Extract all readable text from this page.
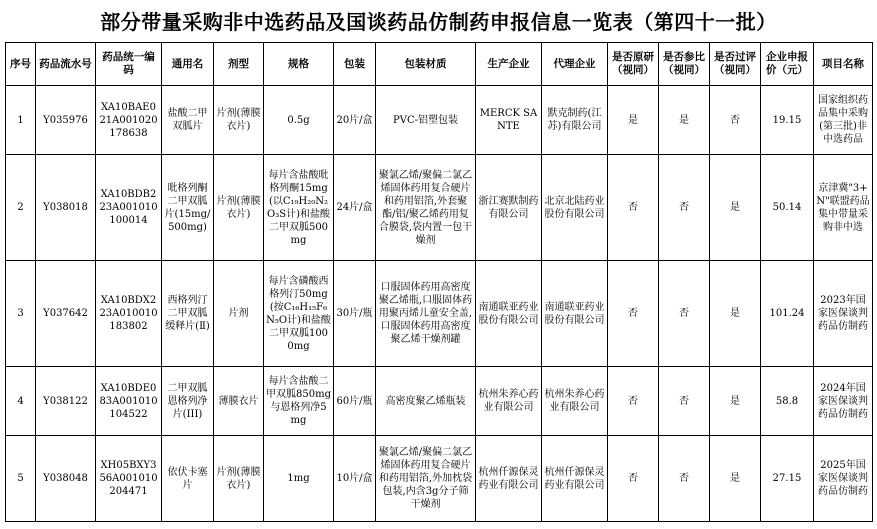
部分带量采购非中选药品及国谈药品仿制药申报信息一览表（第四十一批）
序号	药品流水号	药品统一编码	通用名	剂型	规格	包装	包装材质	生产企业	代理企业	是否原研（视同）	是否参比（视同）	是否过评（视同）	企业申报价（元）	项目名称
1	Y035976	XA10BAE021A001020178638	盐酸二甲双胍片	片剂(薄膜衣片)	0.5g	20片/盒	PVC-铝塑包装	MERCK SANTE	默克制药(江苏)有限公司	是	是	否	19.15	国家组织药品集中采购(第三批)非中选药品
2	Y038018	XA10BDB223A001010100014	吡格列酮二甲双胍片(15mg/500mg)	片剂(薄膜衣片)	每片含盐酸吡格列酮15mg(以C₁₉H₂₀N₂O₃S计)和盐酸二甲双胍500mg	24片/盒	聚氯乙烯/聚偏二氯乙烯固体药用复合硬片和药用铝箔,外套聚酯/铝/聚乙烯药用复合膜袋,袋内置一包干燥剂	浙江赛默制药有限公司	北京北陆药业股份有限公司	否	否	是	50.14	京津冀"3+N"联盟药品集中带量采购非中选
3	Y037642	XA10BDX223A010010183802	西格列汀二甲双胍缓释片(Ⅱ)	片剂	每片含磷酸西格列汀50mg(按C₁₆H₁₅F₆N₅O计)和盐酸二甲双胍1000mg	30片/瓶	口服固体药用高密度聚乙烯瓶,口服固体药用聚丙烯儿童安全盖,口服固体药用高密度聚乙烯干燥剂罐	南通联亚药业股份有限公司	南通联亚药业股份有限公司	否	否	是	101.24	2023年国家医保谈判药品仿制药
4	Y038122	XA10BDE083A001010104522	二甲双胍恩格列净片(III)	薄膜衣片	每片含盐酸二甲双胍850mg与恩格列净5mg	60片/瓶	高密度聚乙烯瓶装	杭州朱养心药业有限公司	杭州朱养心药业有限公司	否	否	是	58.8	2024年国家医保谈判药品仿制药
5	Y038048	XH05BXY356A001010204471	依伏卡塞片	片剂(薄膜衣片)	1mg	10片/盒	聚氯乙烯/聚偏二氯乙烯固体药用复合硬片和药用铝箔,外加枕袋包装,内含3g分子筛干燥剂	杭州仟源保灵药业有限公司	杭州仟源保灵药业有限公司	否	否	是	27.15	2025年国家医保谈判药品仿制药
